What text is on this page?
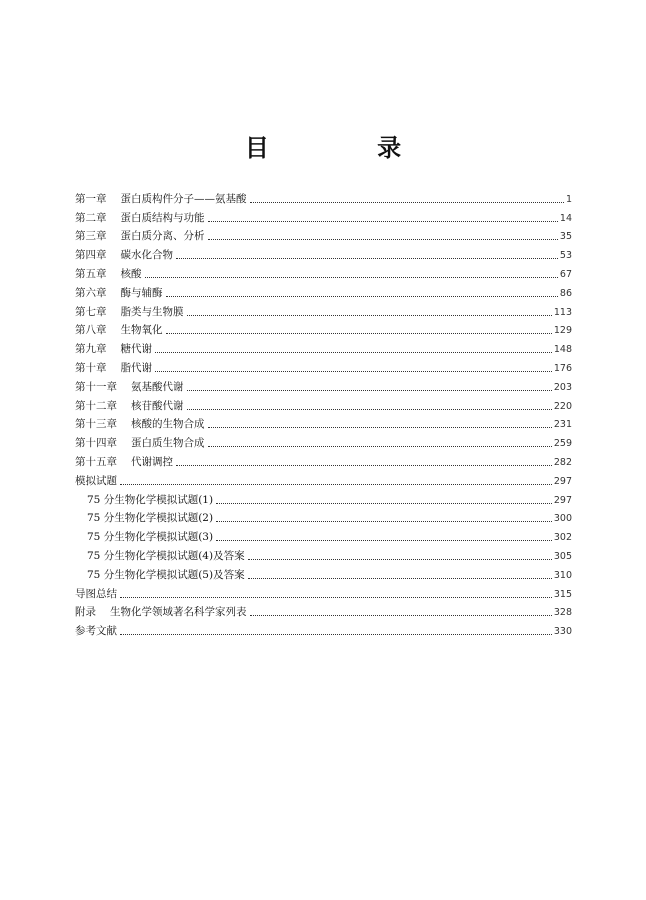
目 录
第一章 蛋白质构件分子——氨基酸	1
第二章 蛋白质结构与功能	14
第三章 蛋白质分离、分析	35
第四章 碳水化合物	53
第五章 核酸	67
第六章 酶与辅酶	86
第七章 脂类与生物膜	113
第八章 生物氧化	129
第九章 糖代谢	148
第十章 脂代谢	176
第十一章 氨基酸代谢	203
第十二章 核苷酸代谢	220
第十三章 核酸的生物合成	231
第十四章 蛋白质生物合成	259
第十五章 代谢调控	282
模拟试题	297
75 分生物化学模拟试题(1)	297
75 分生物化学模拟试题(2)	300
75 分生物化学模拟试题(3)	302
75 分生物化学模拟试题(4)及答案	305
75 分生物化学模拟试题(5)及答案	310
导图总结	315
附录 生物化学领域著名科学家列表	328
参考文献	330
